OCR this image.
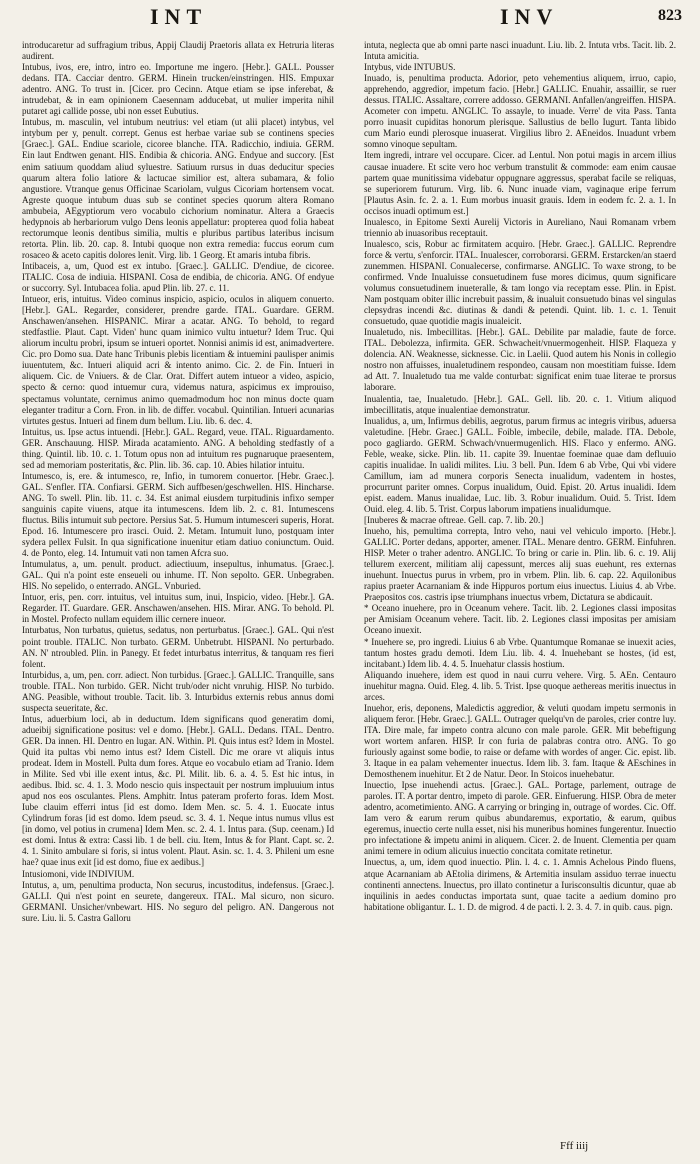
INT	INV	823

introducaretur ad suffragium tribus, Appij Claudij Praetoris allata ex Hetruria literas audirent.

Intubus, ivos, ere, intro, intro eo. Importune me ingero. [Hebr.]. GALL. Pousser dedans. ITA. Cacciar dentro. GERM. Hinein trucken/einstringen. HIS. Empuxar adentro. ANG. To trust in. [Cicer. pro Cecinn. Atque etiam se ipse inferebat, & intrudebat, & in eam opinionem Caesennam adducebat, ut mulier imperita nihil putaret agi callide posse, ubi non esset Eubutius.

Intubus, m. masculin, vel intubum neutrius: vel etiam (ut alii placet) intybus, vel intybum per y, penult. corrept. Genus est herbae variae sub se continens species [Graec.]. GAL. Endiue scariole, cicoree blanche. ITA. Radicchio, indiuia. GERM. Ein laut Endtwen genant. HIS. Endibia & chicoria. ANG. Endyue and succory. [Est enim satiuum quoddam aliud syluestre. Satiuum rursus in duas deducitur species quarum altera folio latiore & lactucae similior est, altera subamara, & folio angustiore. Vtranque genus Officinae Scariolam, vulgus Cicoriam hortensem vocat. Agreste quoque intubum duas sub se continet species quorum altera Romano ambubeia, AEgyptiorum vero vocabulo cichorium nominatur. Altera a Graecis hedypnois ab herbariorum vulgo Dens leonis appellatur: propterea quod folia habeat rectorumque leonis dentibus similia, multis e pluribus partibus lateribus incisum retorta. Plin. lib. 20. cap. 8. Intubi quoque non extra remedia: fuccus eorum cum rosaceo & aceto capitis dolores lenit. Virg. lib. 1 Georg. Et amaris intuba fibris.

Intibaceis, a, um, Quod est ex intubo. [Graec.]. GALLIC. D'endiue, de cicoree. ITALIC. Cosa de indiuia. HISPANI. Cosa de endibia, de chicoria. ANG. Of endyue or succorry. Syl. Intubacea folia. apud Plin. lib. 27. c. 11.

Intueor, eris, intuitus. Video cominus inspicio, aspicio, oculos in aliquem conuerto. [Hebr.]. GAL. Regarder, considerer, prendre garde. ITAL. Guardare. GERM. Anschawen/ansehen. HISPANIC. Mirar a acatar. ANG. To behold, to regard stedfastlie. Plaut. Capt. Viden' hunc quam inimico vultu intuetur? Idem Truc. Qui aliorum incultu probri, ipsum se intueri oportet. Nonnisi animis id est, animadvertere. Cic. pro Domo sua. Date hanc Tribunis plebis licentiam & intuemini paulisper animis iuuentutem, &c. Intueri aliquid acri & intento animo. Cic. 2. de Fin. Intueri in aliquem. Cic. de Vniuers. & de Clar. Orat. Differt autem intueor a video, aspicio, specto & cerno: quod intuemur cura, videmus natura, aspicimus ex improuiso, spectamus voluntate, cernimus animo quemadmodum hoc non minus docte quam eleganter traditur a Corn. Fron. in lib. de differ. vocabul. Quintilian. Intueri acunarias virtutes gestus. Intueri ad finem dum bellum. Liu. lib. 6. dec. 4.

Intuitus, us. Ipse actus intuendi. [Hebr.]. GAL. Regard, veue. ITAL. Riguardamento. GER. Anschauung. HISP. Mirada acatamiento. ANG. A beholding stedfastly of a thing. Quintil. lib. 10. c. 1. Totum opus non ad intuitum res pugnaruque praesentem, sed ad memoriam posteritatis, &c. Plin. lib. 36. cap. 10. Abies hilatior intuitu.

Intumesco, is, ere. & intumesco, re, Infio, in tumorem conuertor. [Hebr. Graec.]. GAL. S'enfler. ITA. Confiarsi. GERM. Sich auffbesen/geschwellen. HIS. Hincharse. ANG. To swell. Plin. lib. 11. c. 34. Est animal eiusdem turpitudinis infixo semper sanguinis capite viuens, atque ita intumescens. Idem lib. 2. c. 81. Intumescens fluctus. Bilis intumuit sub pectore. Persius Sat. 5. Humum intumesceri superis, Horat. Epod. 16. Intumescere pro irasci. Ouid. 2. Metam. Intumuit luno, postquam inter sydera pellex Fulsit. In qua significatione inuenitur etiam datiuo coniunctum. Ouid. 4. de Ponto, eleg. 14. Intumuit vati non tamen Afcra suo.

Intumulatus, a, um. penult. product. adiectiuum, insepultus, inhumatus. [Graec.]. GAL. Qui n'a point este enseueli ou inhume. IT. Non sepolto. GER. Unbegraben. HIS. No sepelido, o enterrado. ANGL. Vnburied.

Intuor, eris, pen. corr. intuitus, vel intuitus sum, inui, Inspicio, video. [Hebr.]. GA. Regarder. IT. Guardare. GER. Anschawen/ansehen. HIS. Mirar. ANG. To behold. Pl. in Mostel. Profecto nullam equidem illic cernere inueor.

Inturbatus, Non turbatus, quietus, sedatus, non perturbatus. [Graec.]. GAL. Qui n'est point trouble. ITALIC. Non turbato. GERM. Unbetrubt. HISPANI. No perturbado. AN. N' ntroubled. Plin. in Panegy. Et fedet inturbatus interritus, & tanquam res fieri folent.

Inturbidus, a, um, pen. corr. adiect. Non turbidus. [Graec.]. GALLIC. Tranquille, sans trouble. ITAL. Non turbido. GER. Nicht trub/oder nicht vnruhig. HISP. No turbido. ANG. Peasible, without trouble. Tacit. lib. 3. Inturbidus externis rebus annus domi suspecta seueritate, &c.

Intus, aduerbium loci, ab in deductum. Idem significans quod generatim domi, adueibij significatione positus: vel e domo. [Hebr.]. GALL. Dedans. ITAL. Dentro. GER. Da innen. HI. Dentro en lugar. AN. Within. Pl. Quis intus est? Idem in Mostel. Quid ita pultas vbi nemo intus est? Idem Cistell. Dic me orare vt aliquis intus prodeat. Idem in Mostell. Pulta dum fores. Atque eo vocabulo etiam ad Tranio. Idem in Milite. Sed vbi ille exent intus, &c. Pl. Milit. lib. 6. a. 4. 5. Est hic intus, in aedibus. Ibid. sc. 4. 1. 3. Modo nescio quis inspectauit per nostrum impluuium intus apud nos eos osculantes. Plens. Amphitr. Intus pateram proferto foras. Idem Most. Iube clauim efferri intus [id est domo. Idem Men. sc. 5. 4. 1. Euocate intus Cylindrum foras [id est domo. Idem pseud. sc. 3. 4. 1. Neque intus numus vllus est [in domo, vel potius in crumena] Idem Men. sc. 2. 4. 1. Intus para. (Sup. ceenam.) Id est domi. Intus & extra: Cassi lib. 1 de bell. ciu. Item, Intus & for Plant. Capt. sc. 2. 4. 1. Sinito ambulare si foris, si intus volent. Plaut. Asin. sc. 1. 4. 3. Phileni um esne hae? quae inus exit [id est domo, fiue ex aedibus.]

Intusiomoni, vide INDIVIUM.

Intutus, a, um, penultima producta, Non securus, incustoditus, indefensus. [Graec.]. GALLI. Qui n'est point en seurete, dangereux. ITAL. Mal sicuro, non sicuro. GERMANI. Unsicher/vnbewart. HIS. No seguro del peligro. AN. Dangerous not sure. Liu. li. 5. Castra Galloru

intuta, neglecta que ab omni parte nasci inuadunt. Liu. lib. 2. Intuta vrbs. Tacit. lib. 2. Intuta amicitia.

Intybus, vide INTUBUS.

Inuado, is, penultima producta. Adorior, peto vehementius aliquem, irruo, capio, apprehendo, aggredior, impetum facio. [Hebr.] GALLIC. Enuahir, assaillir, se ruer dessus. ITALIC. Assaltare, correre addosso. GERMANI. Anfallen/angreiffen. HISPA. Acometer con impetu. ANGLIC. To assayle, to inuade. Verre' de vita Pass. Tanta porro inuasit cupiditas honorum plerisque. Sallustius de bello Iugurt. Tanta libido cum Mario eundi plerosque inuaserat. Virgilius libro 2. AEneidos. Inuadunt vrbem somno vinoque sepultam.

Item ingredi, intrare vel occupare. Cicer. ad Lentul. Non potui magis in arcem illius causae inuadere. Et scite vero hoc verbum transtulit & commode: eam enim causae partem quae munitissima videbatur oppugnare aggressus, sperabat facile se reliquas, se superiorem futurum. Virg. lib. 6. Nunc inuade viam, vaginaque eripe ferrum [Plautus Asin. fc. 2. a. 1. Eum morbus inuasit grauis. Idem in eodem fc. 2. a. 1. In occisos inuadi optimum est.]

Inualesco, in Epitome Sexti Aurelij Victoris in Aureliano, Naui Romanam vrbem triennio ab inuasoribus receptauit.

Inualesco, scis, Robur ac firmitatem acquiro. [Hebr. Graec.]. GALLIC. Reprendre force & vertu, s'enforcir. ITAL. Inualescer, corroborarsi. GERM. Erstarcken/an staerd zunemmen. HISPANI. Conualecerse, confirmarse. ANGLIC. To waxe strong, to be confirmed. Vnde Inualuisse consuetudinem fuse mores dicimus, quum significare volumus consuetudinem inueteralle, & tam longo via receptam esse. Plin. in Epist. Nam postquam obiter illic increbuit passim, & inualuit consuetudo binas vel singulas clepsydras incendi &c. diutinas & dandi & petendi. Quint. lib. 1. c. 1. Tenuit consuetudo, quae quotidie magis inualeicit.

Inualetudo, nis. Imbecillitas. [Hebr.]. GAL. Debilite par maladie, faute de force. ITAL. Debolezza, infirmita. GER. Schwacheit/vnuermogenheit. HISP. Flaqueza y dolencia. AN. Weaknesse, sicknesse. Cic. in Laelii. Quod autem his Nonis in collegio nostro non affuisses, inualetudinem respondeo, causam non moestitiam fuisse. Idem ad Att. 7. Inualetudo tua me valde conturbat: significat enim tuae literae te prorsus laborare.

Inualentia, tae, Inualetudo. [Hebr.]. GAL. Gell. lib. 20. c. 1. Vitium aliquod imbecillitatis, atque inualentiae demonstratur.

Inualidus, a, um, Infirmus debilis, aegrotus, parum firmus ac integris viribus, aduersa valetudine. [Hebr. Graec.] GALL. Foible, imbecile, debile, malade. ITA. Debole, poco gagliardo. GERM. Schwach/vnuermugenlich. HIS. Flaco y enfermo. ANG. Feble, weake, sicke. Plin. lib. 11. capite 39. Inuentae foeminae quae dam defluuio capitis inualidae. In ualidi milites. Liu. 3 bell. Pun. Idem 6 ab Vrbe, Qui vbi videre Camillum, iam ad munera corporis Senecta inualidum, vadentem in hostes, procurrunt pariter omnes. Corpus inualidum, Ouid. Epist. 20. Artus inualidi. Idem epist. eadem. Manus inualidae, Luc. lib. 3. Robur inualidum. Ouid. 5. Trist. Idem Ouid. eleg. 4. lib. 5. Trist. Corpus laborum impatiens inualidumque.

[Inuberes & macrae oftreae. Gell. cap. 7. lib. 20.]

Inueho, his, pemultima correpta, Intro veho, naui vel vehiculo importo. [Hebr.]. GALLIC. Porter dedans, apporter, amener. ITAL. Menare dentro. GERM. Einfuhren. HISP. Meter o traher adentro. ANGLIC. To bring or carie in. Plin. lib. 6. c. 19. Alij tellurem exercent, militiam alij capessunt, merces alij suas euehunt, res externas inuehunt. Inuectus purus in vrbem, pro in vrbem. Plin. lib. 6. cap. 22. Aquilonibus rapius praeter Acarnaniam & inde Hippuros portum eius inuectus. Liuius 4. ab Vrbe. Praepositos cos. castris ipse triumphans inuectus vrbem, Dictatura se abdicauit.

* Oceano inuehere, pro in Oceanum vehere. Tacit. lib. 2. Legiones classi impositas per Amisiam Oceanum vehere. Tacit. lib. 2. Legiones classi impositas per amisiam Oceano inuexit.

* Inuehere se, pro ingredi. Liuius 6 ab Vrbe. Quantumque Romanae se inuexit acies, tantum hostes gradu demoti. Idem Liu. lib. 4. 4. Inuehebant se hostes, (id est, incitabant.) Idem lib. 4. 4. 5. Inuehatur classis hostium.

Aliquando inuehere, idem est quod in naui curru vehere. Virg. 5. AEn. Centauro inuehitur magna. Ouid. Eleg. 4. lib. 5. Trist. Ipse quoque aethereas meritis inuectus in arces.

Inuehor, eris, deponens, Maledictis aggredior, & veluti quodam impetu sermonis in aliquem feror. [Hebr. Graec.]. GALL. Outrager quelqu'vn de paroles, crier contre luy. ITA. Dire male, far impeto contra alcuno con male parole. GER. Mit bebeftigung wort wortem anfaren. HISP. Ir con furia de palabras contra otro. ANG. To go furiously against some bodie, to raise or defame with wordes of anger. Cic. epist. lib. 3. Itaque in ea palam vehementer inuectus. Idem lib. 3. fam. Itaque & AEschines in Demosthenem inuehitur. Et 2 de Natur. Deor. In Stoicos inuehebatur.

Inuectio, Ipse inuehendi actus. [Graec.]. GAL. Portage, parlement, outrage de paroles. IT. A portar dentro, impeto di parole. GER. Einfuerung. HISP. Obra de meter adentro, acometimiento. ANG. A carrying or bringing in, outrage of wordes. Cic. Off. Iam vero & earum rerum quibus abundaremus, exportatio, & earum, quibus egeremus, inuectio certe nulla esset, nisi his muneribus homines fungerentur. Inuectio pro infectatione & impetu animi in aliquem. Cicer. 2. de Inuent. Clementia per quam animi temere in odium alicuius inuectio concitata comitate retinetur.

Inuectus, a, um, idem quod inuectio. Plin. l. 4. c. 1. Amnis Achelous Pindo fluens, atque Acarnaniam ab AEtolia dirimens, & Artemitia insulam assiduo terrae inuectu continenti annectens. Inuectus, pro illato continetur a Iurisconsultis dicuntur, quae ab inquilinis in aedes conductas importata sunt, quae tacite a aedium domino pro habitatione obligantur. L. 1. D. de migrod. 4 de pacti. l. 2. 3. 4. 7. in quib. caus. pign.

Fff iiij
